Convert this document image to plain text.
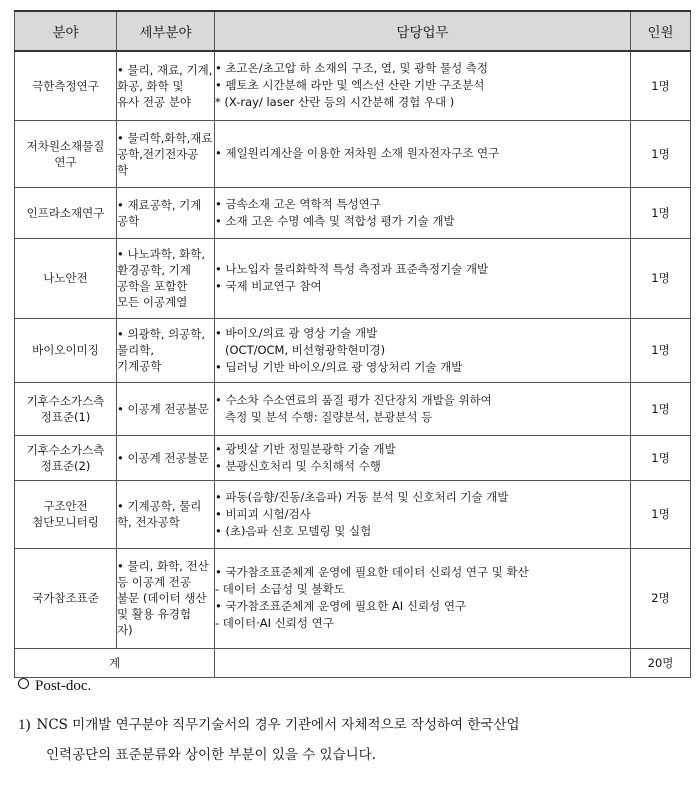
분야	세부분야	담당업무	인원

극한측정연구	• 물리, 재료, 기계,
화공, 화학 및
유사 전공 분야	• 초고온/초고압 하 소재의 구조, 열, 및 광학 물성 측정
• 펨토초 시간분해 라만 및 엑스선 산란 기반 구조분석
* (X-ray/ laser 산란 등의 시간분해 경험 우대 )	1명

저차원소재물질
연구	• 물리학,화학,재료
공학,전기전자공
학	• 제일원리계산을 이용한 저차원 소재 원자전자구조 연구	1명

인프라소재연구	• 재료공학, 기계
공학	• 금속소재 고온 역학적 특성연구
• 소재 고온 수명 예측 및 적합성 평가 기술 개발	1명

나노안전	• 나노과학, 화학,
환경공학, 기계
공학을 포함한
모든 이공계열	• 나노입자 물리화학적 특성 측정과 표준측정기술 개발
• 국제 비교연구 참여	1명

바이오이미징	• 의광학, 의공학,
물리학,
기계공학	• 바이오/의료 광 영상 기술 개발
(OCT/OCM, 비선형광학현미경)
• 딥러닝 기반 바이오/의료 광 영상처리 기술 개발	1명

기후수소가스측
정표준(1)	• 이공계 전공불문	• 수소차 수소연료의 품질 평가 진단장치 개발을 위하여
측정 및 분석 수행: 질량분석, 분광분석 등	1명

기후수소가스측
정표준(2)	• 이공계 전공불문	• 광빗살 기반 정밀분광학 기술 개발
• 분광신호처리 및 수치해석 수행	1명

구조안전
첨단모니터링	• 기계공학, 물리
학, 전자공학	• 파동(음향/진동/초음파) 거동 분석 및 신호처리 기술 개발
• 비피괴 시험/검사
• (초)음파 신호 모델링 및 실험	1명

국가참조표준	• 물리, 화학, 전산
등 이공계 전공
불문 (데이터 생산
및 활용 유경험
자)	• 국가참조표준체계 운영에 필요한 데이터 신뢰성 연구 및 확산
- 데이터 소급성 및 불확도
• 국가참조표준체계 운영에 필요한 AI 신뢰성 연구
- 데이터·AI 신뢰성 연구	2명
계			20명
Post-doc.
1) NCS 미개발 연구분야 직무기술서의 경우 기관에서 자체적으로 작성하여 한국산업
인력공단의 표준분류와 상이한 부분이 있을 수 있습니다.
